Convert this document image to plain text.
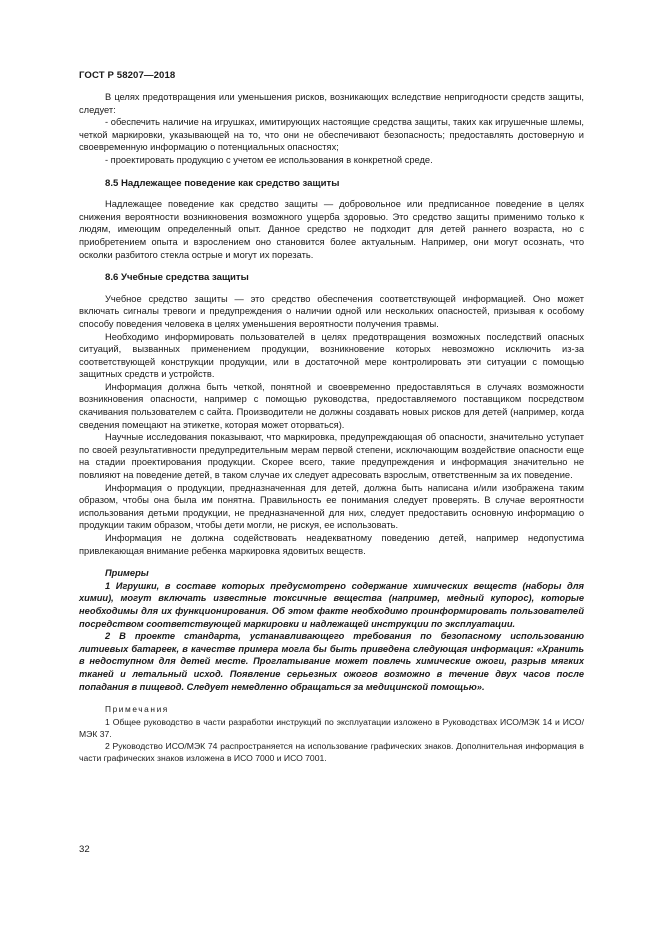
ГОСТ Р 58207—2018

В целях предотвращения или уменьшения рисков, возникающих вследствие непригодности средств защиты, следует:

- обеспечить наличие на игрушках, имитирующих настоящие средства защиты, таких как игрушечные шлемы, четкой маркировки, указывающей на то, что они не обеспечивают безопасность; предоставлять достоверную и своевременную информацию о потенциальных опасностях;

- проектировать продукцию с учетом ее использования в конкретной среде.

8.5 Надлежащее поведение как средство защиты

Надлежащее поведение как средство защиты — добровольное или предписанное поведение в целях снижения вероятности возникновения возможного ущерба здоровью. Это средство защиты применимо только к людям, имеющим определенный опыт. Данное средство не подходит для детей раннего возраста, но с приобретением опыта и взрослением оно становится более актуальным. Например, они могут осознать, что осколки разбитого стекла острые и могут их порезать.

8.6 Учебные средства защиты

Учебное средство защиты — это средство обеспечения соответствующей информацией. Оно может включать сигналы тревоги и предупреждения о наличии одной или нескольких опасностей, призывая к особому способу поведения человека в целях уменьшения вероятности получения травмы.

Необходимо информировать пользователей в целях предотвращения возможных последствий опасных ситуаций, вызванных применением продукции, возникновение которых невозможно исключить из-за соответствующей конструкции продукции, или в достаточной мере контролировать эти ситуации с помощью защитных средств и устройств.

Информация должна быть четкой, понятной и своевременно предоставляться в случаях возможности возникновения опасности, например с помощью руководства, предоставляемого поставщиком посредством скачивания пользователем с сайта. Производители не должны создавать новых рисков для детей (например, когда сведения помещают на этикетке, которая может оторваться).

Научные исследования показывают, что маркировка, предупреждающая об опасности, значительно уступает по своей результативности предупредительным мерам первой степени, исключающим воздействие опасности еще на стадии проектирования продукции. Скорее всего, такие предупреждения и информация значительно не повлияют на поведение детей, в таком случае их следует адресовать взрослым, ответственным за их поведение.

Информация о продукции, предназначенная для детей, должна быть написана и/или изображена таким образом, чтобы она была им понятна. Правильность ее понимания следует проверять. В случае вероятности использования детьми продукции, не предназначенной для них, следует предоставить основную информацию о продукции таким образом, чтобы дети могли, не рискуя, ее использовать.

Информация не должна содействовать неадекватному поведению детей, например недопустима привлекающая внимание ребенка маркировка ядовитых веществ.

Примеры

1 Игрушки, в составе которых предусмотрено содержание химических веществ (наборы для химии), могут включать известные токсичные вещества (например, медный купорос), которые необходимы для их функционирования. Об этом факте необходимо проинформировать пользователей посредством соответствующей маркировки и надлежащей инструкции по эксплуатации.

2 В проекте стандарта, устанавливающего требования по безопасному использованию литиевых батареек, в качестве примера могла бы быть приведена следующая информация: «Хранить в недоступном для детей месте. Проглатывание может повлечь химические ожоги, разрыв мягких тканей и летальный исход. Появление серьезных ожогов возможно в течение двух часов после попадания в пищевод. Следует немедленно обращаться за медицинской помощью».

Примечания

1 Общее руководство в части разработки инструкций по эксплуатации изложено в Руководствах ИСО/МЭК 14 и ИСО/МЭК 37.

2 Руководство ИСО/МЭК 74 распространяется на использование графических знаков. Дополнительная информация в части графических знаков изложена в ИСО 7000 и ИСО 7001.

32
